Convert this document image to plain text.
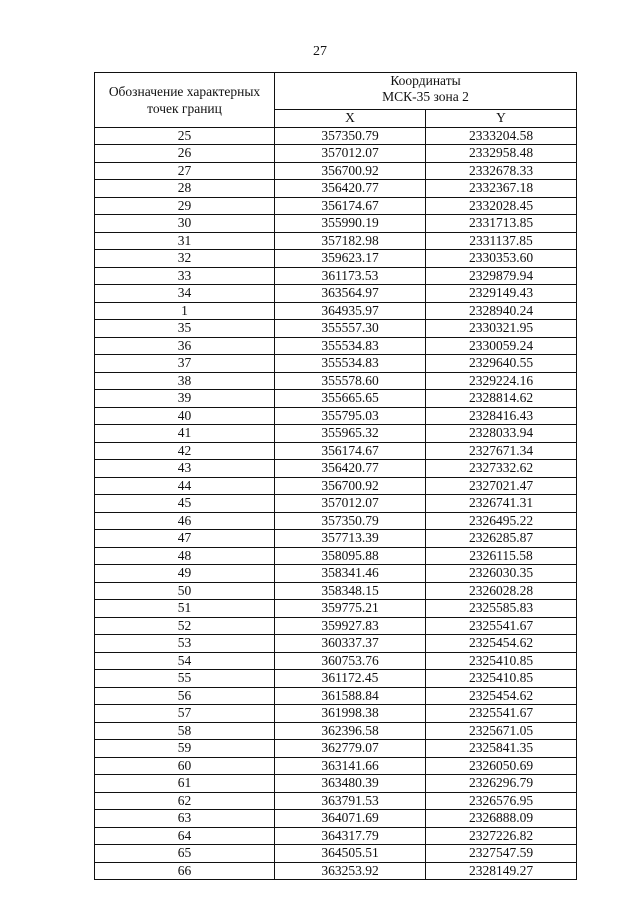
27
Обозначение характерных точек границ	Координаты
МСК-35 зона 2	
	X	Y
25	357350.79	2333204.58
26	357012.07	2332958.48
27	356700.92	2332678.33
28	356420.77	2332367.18
29	356174.67	2332028.45
30	355990.19	2331713.85
31	357182.98	2331137.85
32	359623.17	2330353.60
33	361173.53	2329879.94
34	363564.97	2329149.43
1	364935.97	2328940.24
35	355557.30	2330321.95
36	355534.83	2330059.24
37	355534.83	2329640.55
38	355578.60	2329224.16
39	355665.65	2328814.62
40	355795.03	2328416.43
41	355965.32	2328033.94
42	356174.67	2327671.34
43	356420.77	2327332.62
44	356700.92	2327021.47
45	357012.07	2326741.31
46	357350.79	2326495.22
47	357713.39	2326285.87
48	358095.88	2326115.58
49	358341.46	2326030.35
50	358348.15	2326028.28
51	359775.21	2325585.83
52	359927.83	2325541.67
53	360337.37	2325454.62
54	360753.76	2325410.85
55	361172.45	2325410.85
56	361588.84	2325454.62
57	361998.38	2325541.67
58	362396.58	2325671.05
59	362779.07	2325841.35
60	363141.66	2326050.69
61	363480.39	2326296.79
62	363791.53	2326576.95
63	364071.69	2326888.09
64	364317.79	2327226.82
65	364505.51	2327547.59
66	363253.92	2328149.27
